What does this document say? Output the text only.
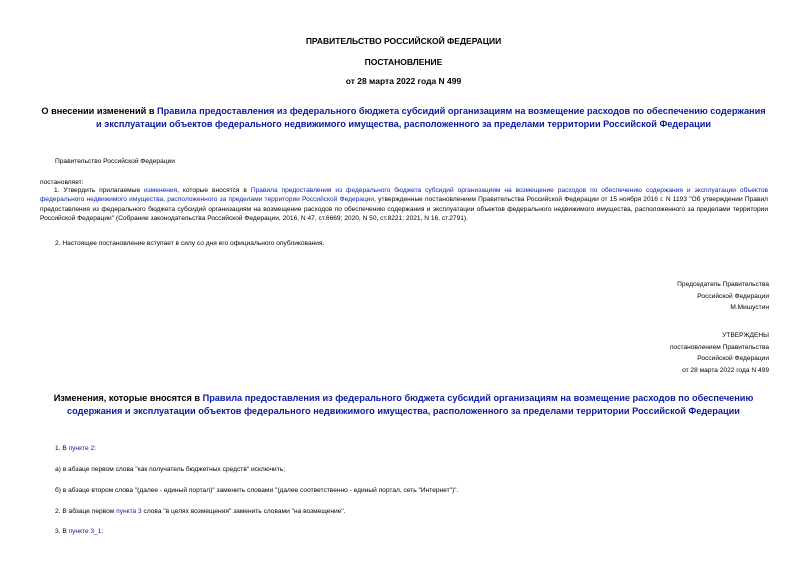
ПРАВИТЕЛЬСТВО РОССИЙСКОЙ ФЕДЕРАЦИИ
ПОСТАНОВЛЕНИЕ
от 28 марта 2022 года N 499
О внесении изменений в Правила предоставления из федерального бюджета субсидий организациям на возмещение расходов по обеспечению содержания и эксплуатации объектов федерального недвижимого имущества, расположенного за пределами территории Российской Федерации
Правительство Российской Федерации
постановляет:
1. Утвердить прилагаемые изменения, которые вносятся в Правила предоставления из федерального бюджета субсидий организациям на возмещение расходов по обеспечению содержания и эксплуатации объектов федерального недвижимого имущества, расположенного за пределами территории Российской Федерации, утвержденные постановлением Правительства Российской Федерации от 15 ноября 2016 г. N 1193 "Об утверждении Правил предоставления из федерального бюджета субсидий организациям на возмещение расходов по обеспечению содержания и эксплуатации объектов федерального недвижимого имущества, расположенного за пределами территории Российской Федерации" (Собрание законодательства Российской Федерации, 2016, N 47, ст.6669; 2020, N 50, ст.8221; 2021, N 16, ст.2791).
2. Настоящее постановление вступает в силу со дня его официального опубликования.
Председатель Правительства
Российской Федерации
М.Мишустин
УТВЕРЖДЕНЫ
постановлением Правительства
Российской Федерации
от 28 марта 2022 года N 499
Изменения, которые вносятся в Правила предоставления из федерального бюджета субсидий организациям на возмещение расходов по обеспечению содержания и эксплуатации объектов федерального недвижимого имущества, расположенного за пределами территории Российской Федерации
1. В пункте 2:
а) в абзаце первом слова "как получатель бюджетных средств" исключить;
б) в абзаце втором слова "(далее - единый портал)" заменить словами "(далее соответственно - единый портал, сеть "Интернет")".
2. В абзаце первом пункта 3 слова "в целях возмещения" заменить словами "на возмещение".
3. В пункте 3_1:
